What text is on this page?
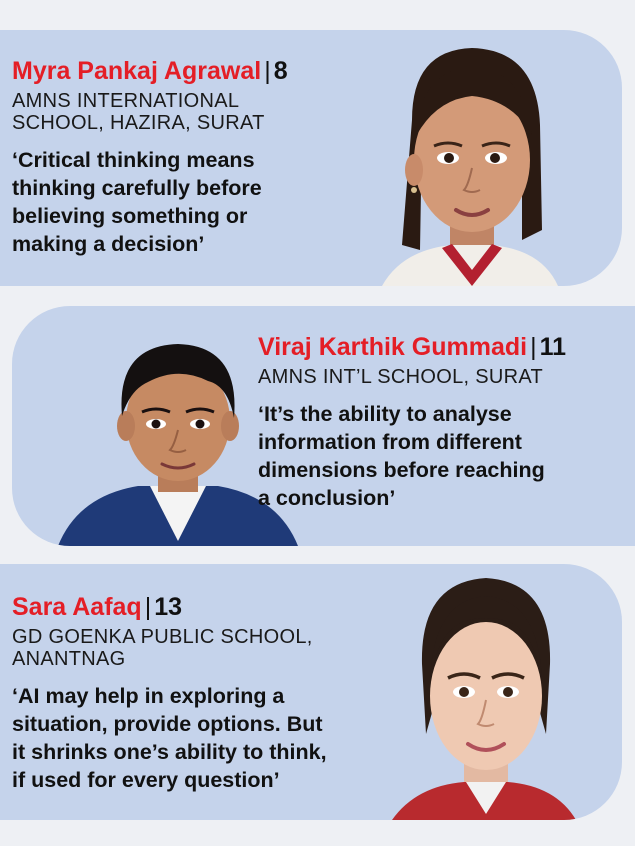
Myra Pankaj Agrawal | 8
AMNS INTERNATIONAL
SCHOOL, HAZIRA, SURAT
‘Critical thinking means
thinking carefully before
believing something or
making a decision’
Viraj Karthik Gummadi | 11
AMNS INT’L SCHOOL, SURAT
‘It’s the ability to analyse
information from different
dimensions before reaching
a conclusion’
Sara Aafaq | 13
GD GOENKA PUBLIC SCHOOL,
ANANTNAG
‘AI may help in exploring a
situation, provide options. But
it shrinks one’s ability to think,
if used for every question’
